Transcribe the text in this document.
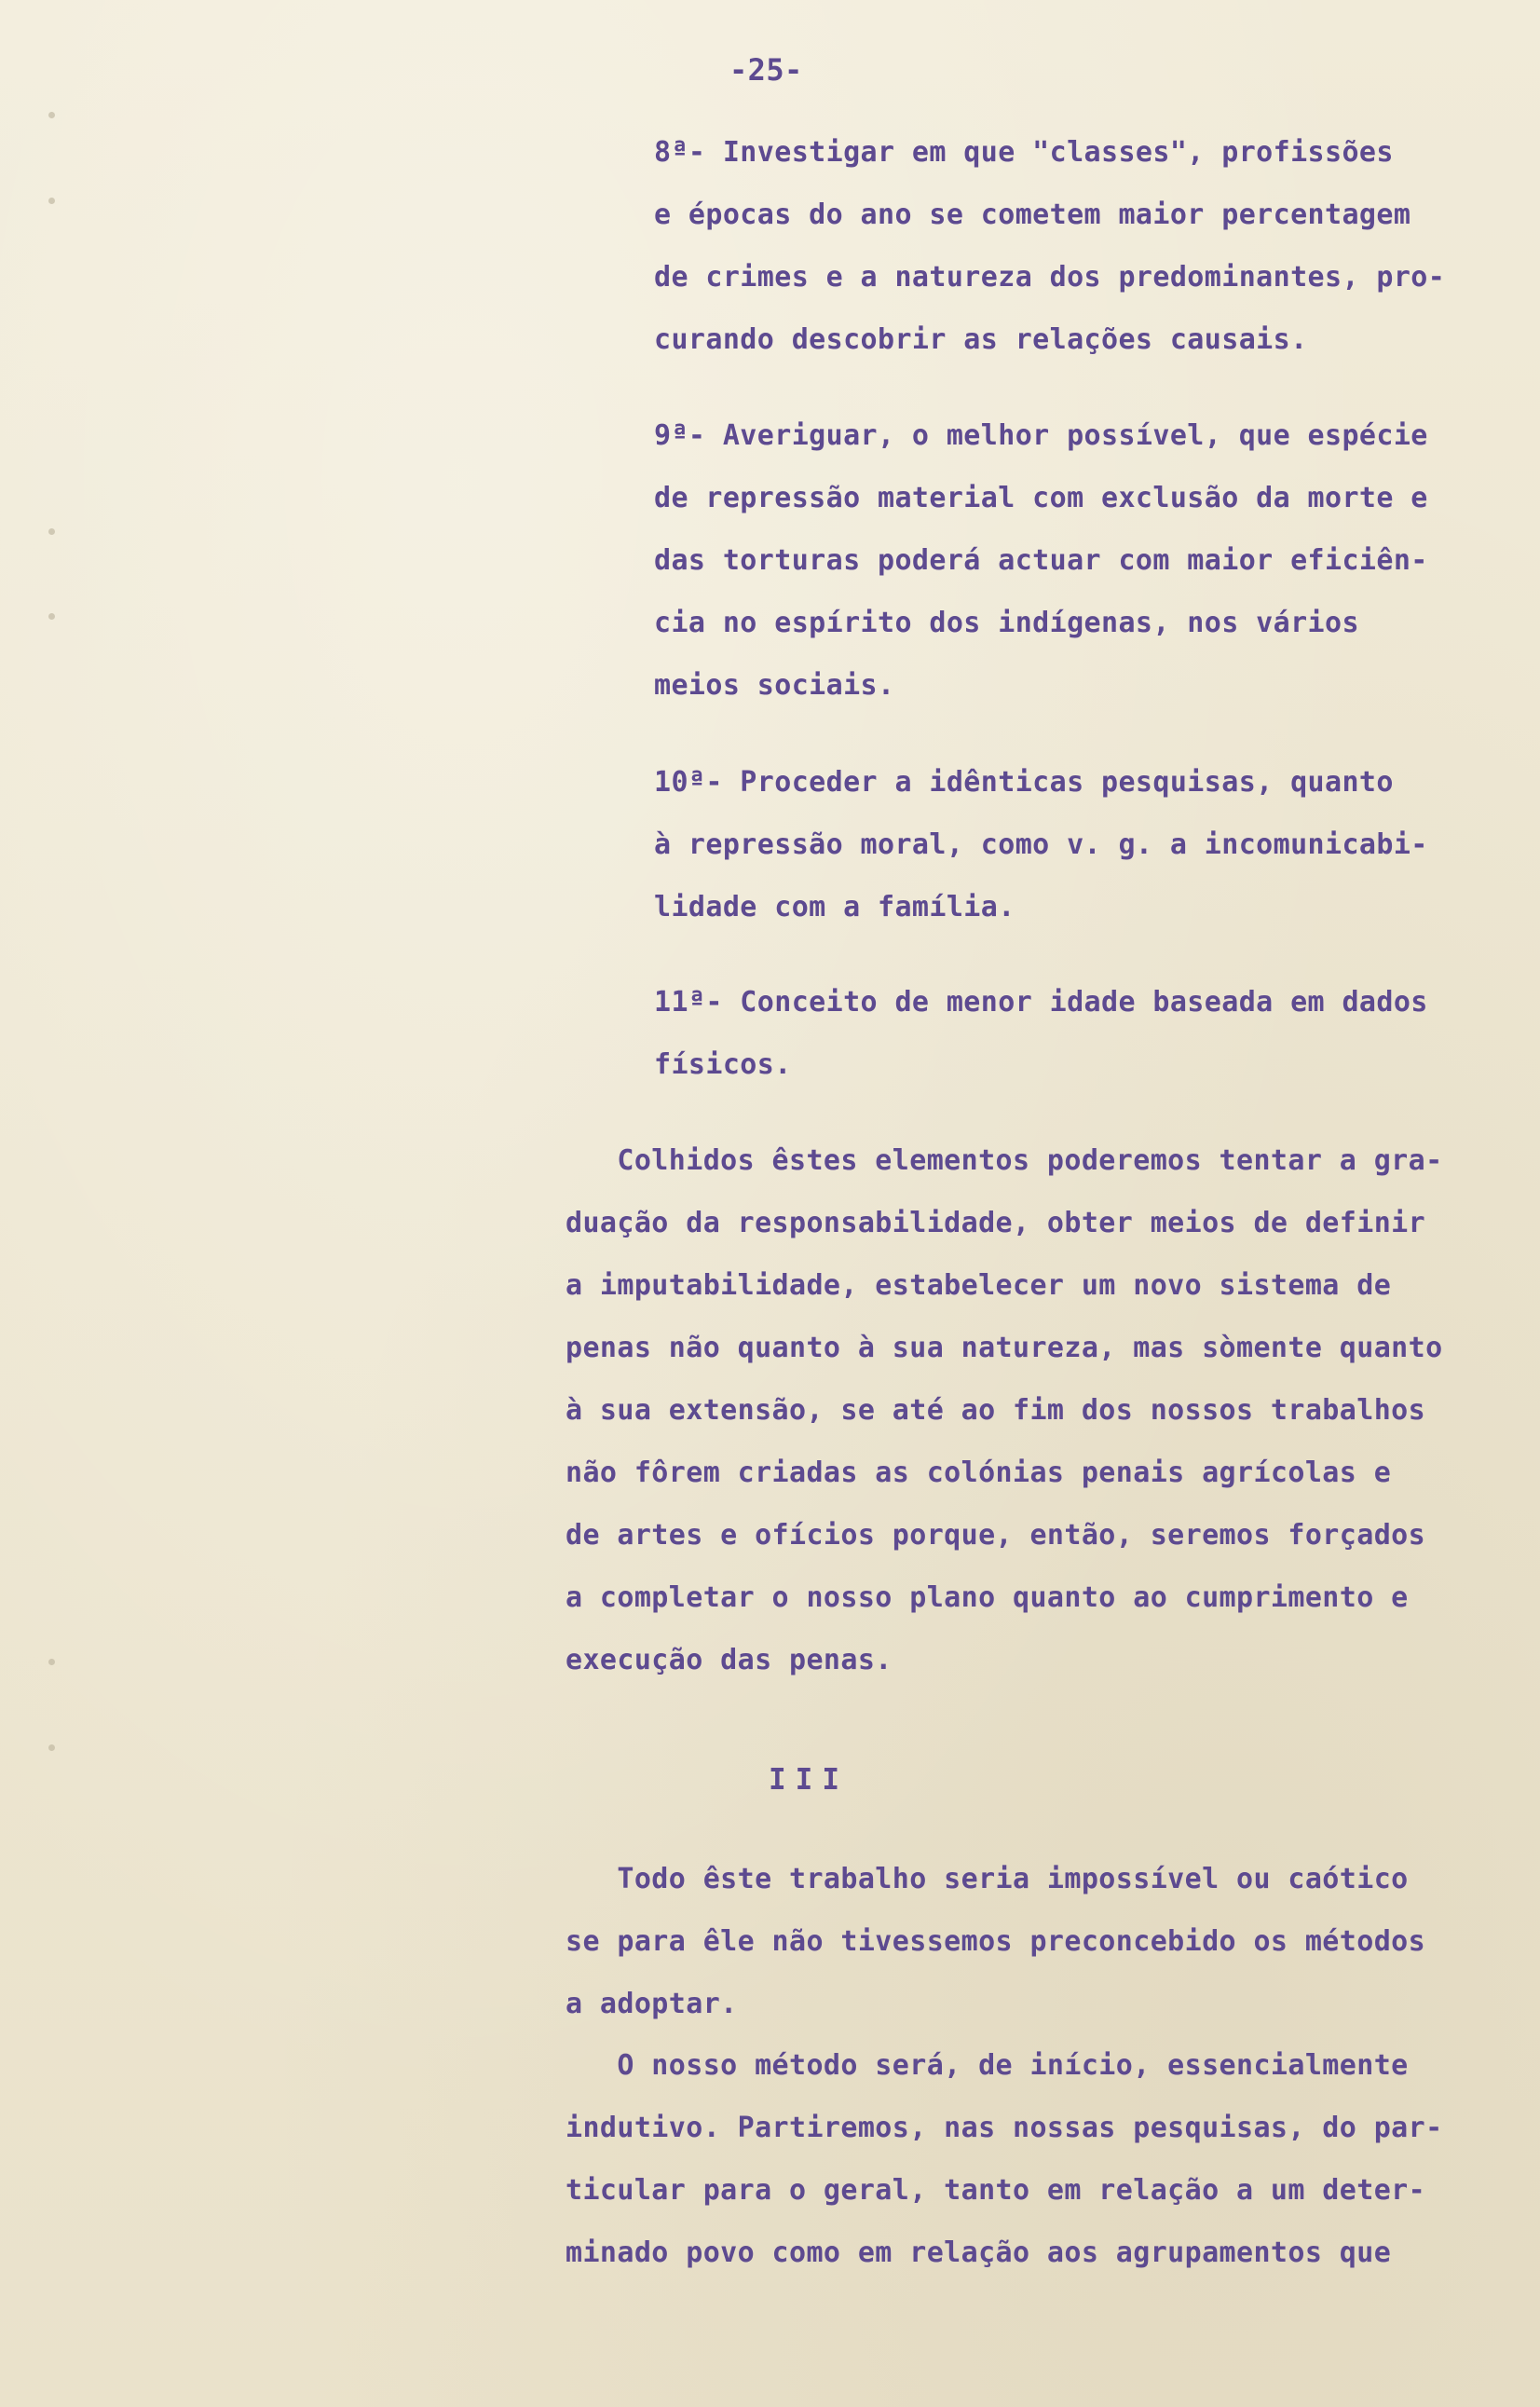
-25-
8ª- Investigar em que "classes", profissões
e épocas do ano se cometem maior percentagem
de crimes e a natureza dos predominantes, pro-
curando descobrir as relações causais.
9ª- Averiguar, o melhor possível, que espécie
de repressão material com exclusão da morte e
das torturas poderá actuar com maior eficiên-
cia no espírito dos indígenas, nos vários
meios sociais.
10ª- Proceder a idênticas pesquisas, quanto
à repressão moral, como v. g. a incomunicabi-
lidade com a família.
11ª- Conceito de menor idade baseada em dados
físicos.
Colhidos êstes elementos poderemos tentar a gra-
duação da responsabilidade, obter meios de definir
a imputabilidade, estabelecer um novo sistema de
penas não quanto à sua natureza, mas sòmente quanto
à sua extensão, se até ao fim dos nossos trabalhos
não fôrem criadas as colónias penais agrícolas e
de artes e ofícios porque, então, seremos forçados
a completar o nosso plano quanto ao cumprimento e
execução das penas.
III
Todo êste trabalho seria impossível ou caótico
se para êle não tivessemos preconcebido os métodos
a adoptar.
O nosso método será, de início, essencialmente
indutivo. Partiremos, nas nossas pesquisas, do par-
ticular para o geral, tanto em relação a um deter-
minado povo como em relação aos agrupamentos que
